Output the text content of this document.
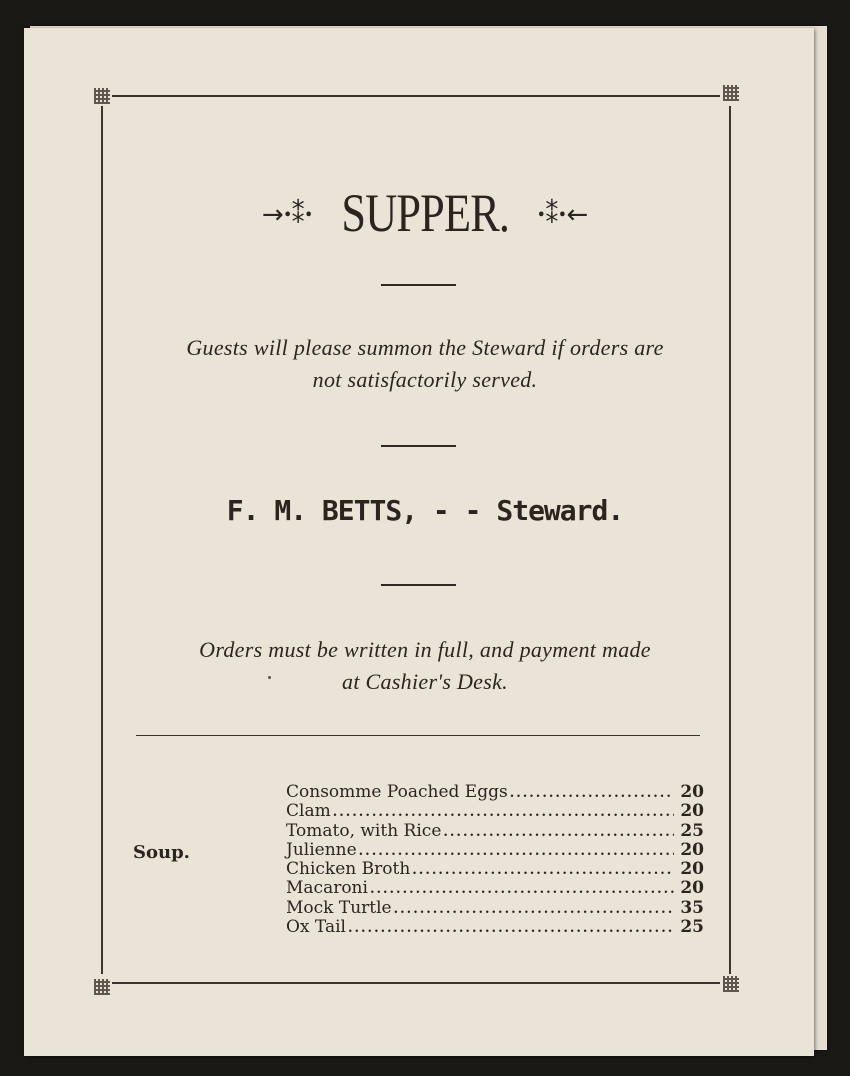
→ꞏ⁑ꞏ SUPPER. ꞏ⁑ꞏ←
Guests will please summon the Steward if orders are
not satisfactorily served.
F. M. BETTS, - - Steward.
Orders must be written in full, and payment made
at Cashier's Desk.
Soup.
Consomme Poached Eggs .....	20
Clam .....	20
Tomato, with Rice .....	25
Julienne .....	20
Chicken Broth .....	20
Macaroni .....	20
Mock Turtle .....	35
Ox Tail .....	25
